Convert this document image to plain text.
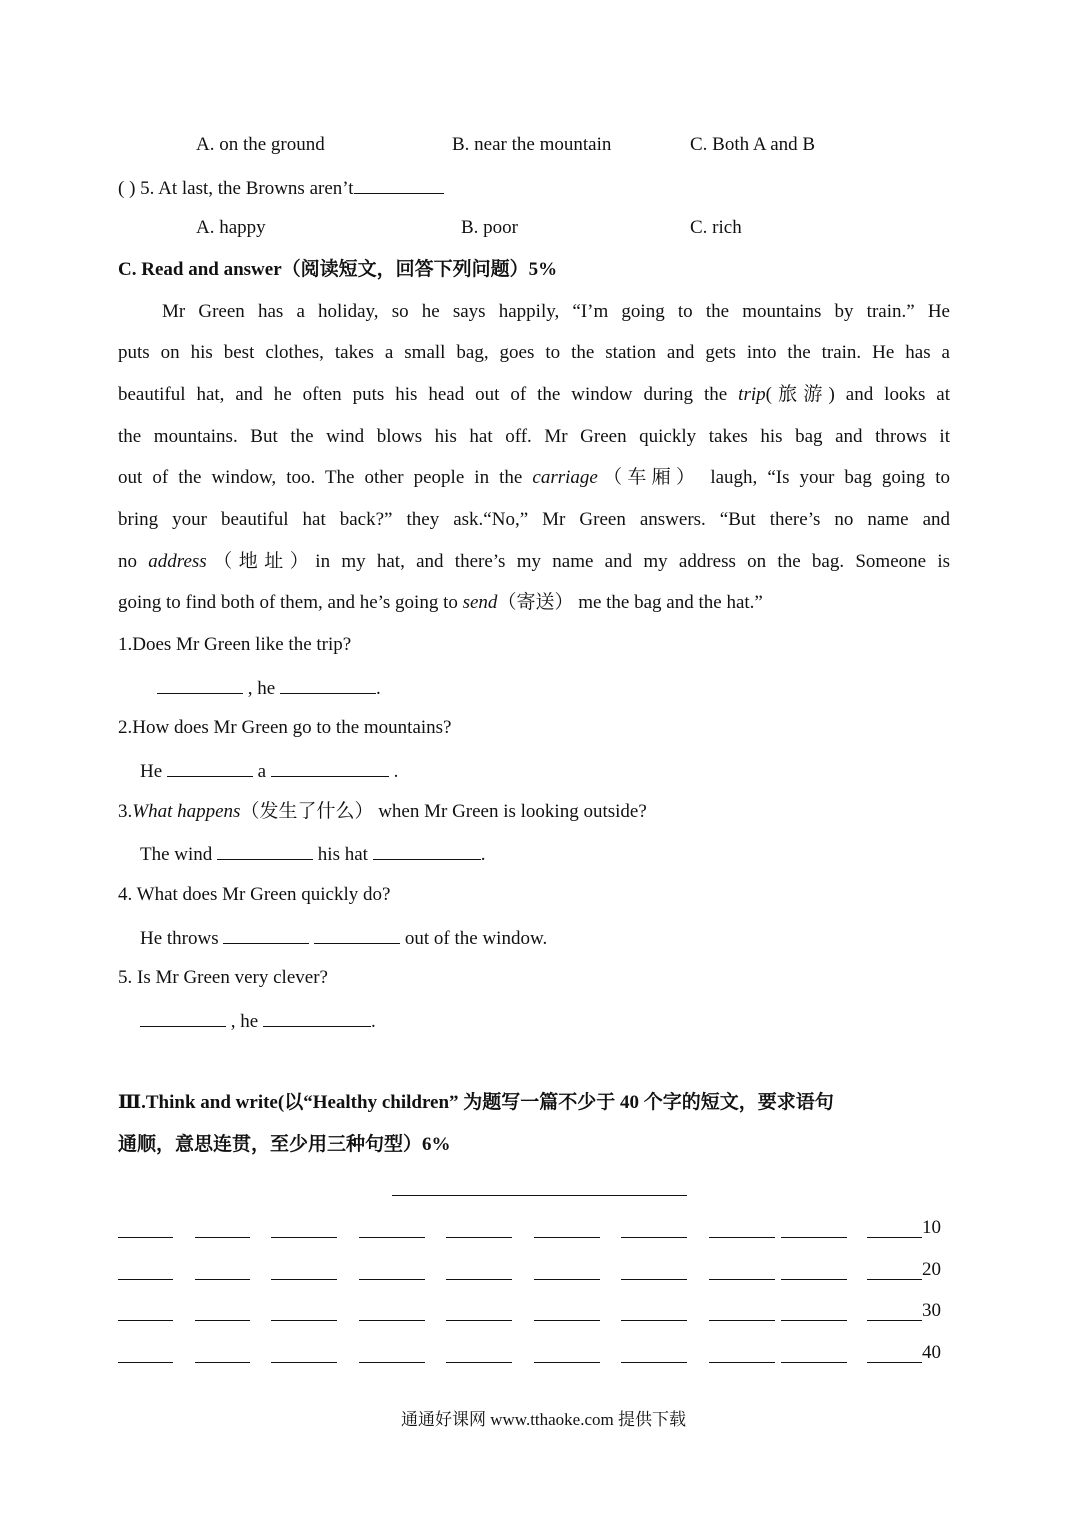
A. on the ground	B. near the mountain	C. Both A and B
( ) 5. At last, the Browns aren’t
A. happy	B. poor	C. rich
C. Read and answer（阅读短文，回答下列问题）5%
Mr Green has a holiday, so he says happily, “I’m going to the mountains by train.” He
puts on his best clothes, takes a small bag, goes to the station and gets into the train. He has a
beautiful hat, and he often puts his head out of the window during the trip(旅游) and looks at
the mountains. But the wind blows his hat off. Mr Green quickly takes his bag and throws it
out of the window, too. The other people in the carriage（车厢） laugh, “Is your bag going to
bring your beautiful hat back?” they ask.“No,” Mr Green answers. “But there’s no name and
no address（地址）in my hat, and there’s my name and my address on the bag. Someone is
going to find both of them, and he’s going to send（寄送） me the bag and the hat.”
1.Does Mr Green like the trip?
, he	.
2.How does Mr Green go to the mountains?
He	a	.
3.What happens（发生了什么） when Mr Green is looking outside?
The wind	his hat	.
4. What does Mr Green quickly do?
He throws	out of the window.
5. Is Mr Green very clever?
, he	.
Ⅲ.Think and write(以“Healthy children” 为题写一篇不少于 40 个字的短文，要求语句
通顺，意思连贯，至少用三种句型）6%
10
20
30
40
通通好课网 www.tthaoke.com 提供下载
